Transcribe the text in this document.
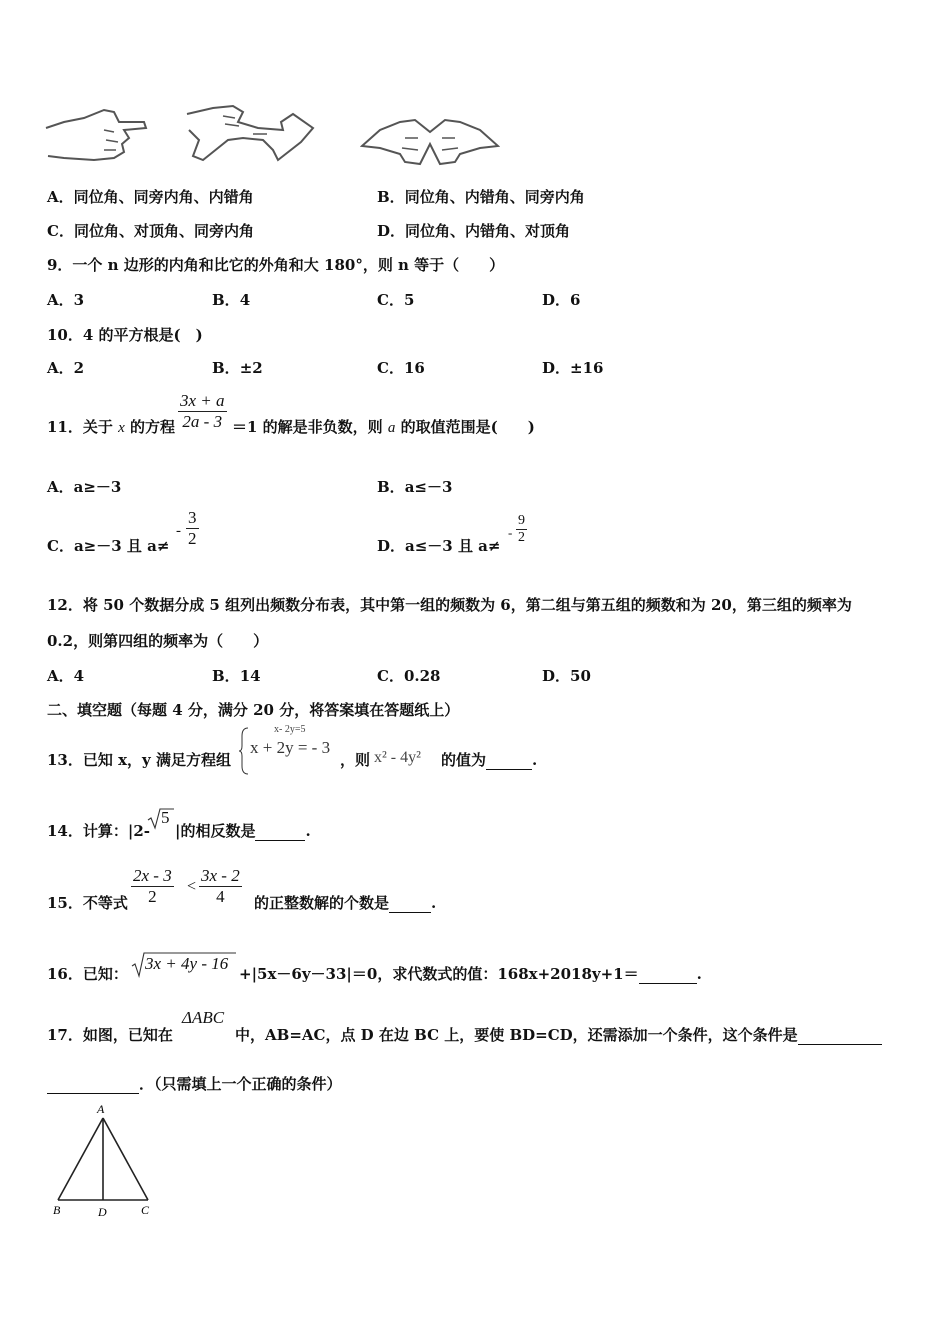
A．同位角、同旁内角、内错角	B．同位角、内错角、同旁内角
C．同位角、对顶角、同旁内角	D．同位角、内错角、对顶角
9．一个 n 边形的内角和比它的外角和大 180°，则 n 等于（　　）
A．3	B．4	C．5	D．6
10．4 的平方根是(　)
A．2	B．±2	C．16	D．±16
11．关于 x 的方程
3x + a
2a - 3 ＝1 的解是非负数，则 a 的取值范围是(　　)
A．a≥－3	B．a≤－3
C．a≥－3 且 a≠
-
3
2	D．a≤－3 且 a≠
-
9
2
12．将 50 个数据分成 5 组列出频数分布表，其中第一组的频数为 6，第二组与第五组的频数和为 20，第三组的频率为
0.2，则第四组的频率为（　　）
A．4	B．14	C．0.28	D．50
二、填空题（每题 4 分，满分 20 分，将答案填在答题纸上）
13．已知 x，y 满足方程组
x- 2y=5
x + 2y = - 3
，则 x² - 4y² 的值为	.
14．计算：|2-
5
|的相反数是	.
15．不等式
2x - 3
2
<
3x - 2
4	的正整数解的个数是	.
16．已知：
3x + 4y - 16
+|5x－6y－33|＝0，求代数式的值：168x+2018y+1＝	.
17．如图，已知在
ΔABC
中，AB=AC，点 D 在边 BC 上，要使 BD=CD，还需添加一个条件，这个条件是
．（只需填上一个正确的条件）
A
B	D	C
